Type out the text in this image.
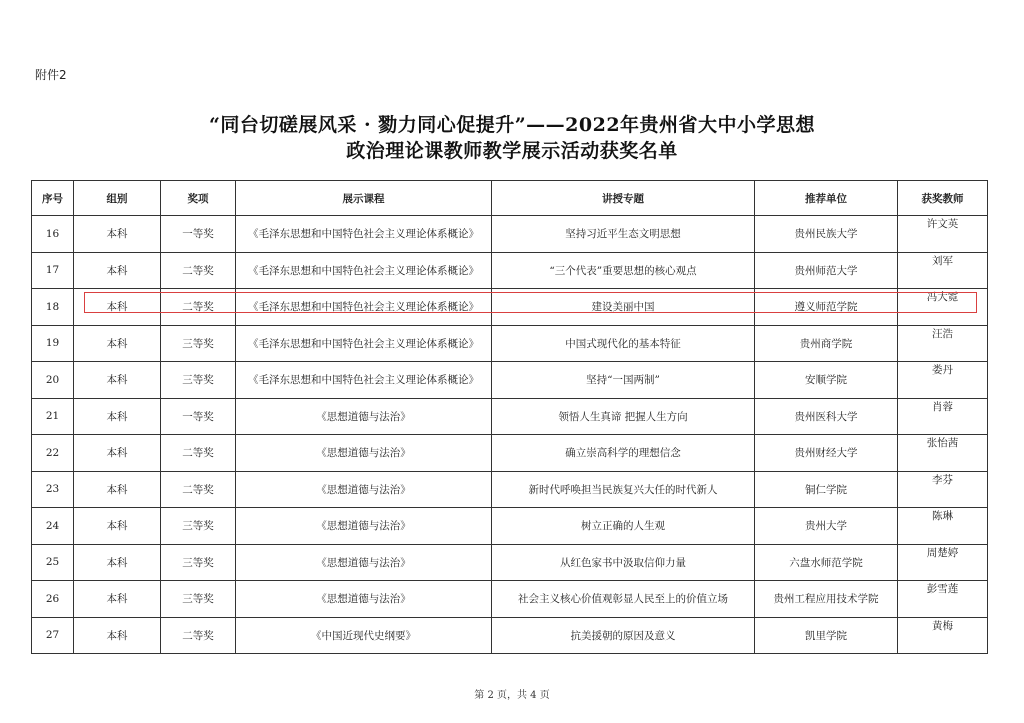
附件2
“同台切磋展风采 · 勠力同心促提升”——2022年贵州省大中小学思想
政治理论课教师教学展示活动获奖名单
序号	组别	奖项	展示课程	讲授专题	推荐单位	获奖教师
16	本科	一等奖	《毛泽东思想和中国特色社会主义理论体系概论》	坚持习近平生态文明思想	贵州民族大学	许文英
17	本科	二等奖	《毛泽东思想和中国特色社会主义理论体系概论》	“三个代表”重要思想的核心观点	贵州师范大学	刘军
18	本科	二等奖	《毛泽东思想和中国特色社会主义理论体系概论》	建设美丽中国	遵义师范学院	冯大霓
19	本科	三等奖	《毛泽东思想和中国特色社会主义理论体系概论》	中国式现代化的基本特征	贵州商学院	汪浩
20	本科	三等奖	《毛泽东思想和中国特色社会主义理论体系概论》	坚持“一国两制”	安顺学院	娄丹
21	本科	一等奖	《思想道德与法治》	领悟人生真谛 把握人生方向	贵州医科大学	肖蓉
22	本科	二等奖	《思想道德与法治》	确立崇高科学的理想信念	贵州财经大学	张怡茜
23	本科	二等奖	《思想道德与法治》	新时代呼唤担当民族复兴大任的时代新人	铜仁学院	李芬
24	本科	三等奖	《思想道德与法治》	树立正确的人生观	贵州大学	陈琳
25	本科	三等奖	《思想道德与法治》	从红色家书中汲取信仰力量	六盘水师范学院	周楚婷
26	本科	三等奖	《思想道德与法治》	社会主义核心价值观彰显人民至上的价值立场	贵州工程应用技术学院	彭雪莲
27	本科	二等奖	《中国近现代史纲要》	抗美援朝的原因及意义	凯里学院	黄梅
第 2 页，共 4 页
